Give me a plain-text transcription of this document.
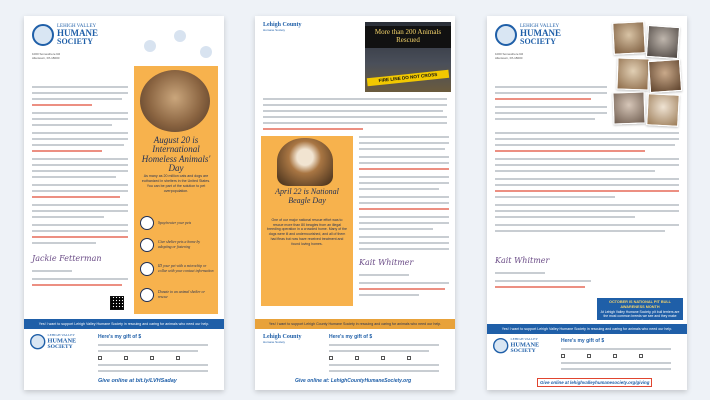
LEHIGH VALLEY
HUMANE
SOCIETY
1000 Somewhere Rd
Allentown, PA 18000
Jackie Fetterman
August 20 is International Homeless Animals' Day
As many as 20 million cats and dogs are euthanized in shelters in the United States. You can be part of the solution to pet overpopulation.
Spay/neuter your pets
Give shelter pets a home by adopting or fostering
ID your pet with a microchip or collar with your contact information
Donate to an animal shelter or rescue
Yes! I want to support Lehigh Valley Humane Society in rescuing and caring for animals who need our help.
LEHIGH VALLEY
HUMANE
SOCIETY
Here's my gift of $
Give online at bit.ly/LVHSaday
Lehigh County
Humane Society	More than 200 Animals Rescued
FIRE LINE DO NOT CROSS
April 22 is National Beagle Day
One of our major national rescue effort was to rescue more than 80 beagles from an illegal breeding operation in a crowded home. Many of the dogs were ill and undernourished, and all of them had fleas but now have received treatment and found loving homes.
Kait Whitmer
Yes! I want to support Lehigh County Humane Society in rescuing and caring for animals who need our help.
Lehigh County
Humane Society
Here's my gift of $
Give online at: LehighCountyHumaneSociety.org
LEHIGH VALLEY
HUMANE
SOCIETY
1000 Somewhere Rd
Allentown, PA 18000
Kait Whitmer
OCTOBER IS NATIONAL PIT BULL AWARENESS MONTH
At Lehigh Valley Humane Society, pit bull terriers are the most common breeds we see and they make great family pets.
Yes! I want to support Lehigh Valley Humane Society in rescuing and caring for animals who need our help.
LEHIGH VALLEY
HUMANE
SOCIETY
Here's my gift of $
Give online at lehighvalleyhumanesociety.org/giving
